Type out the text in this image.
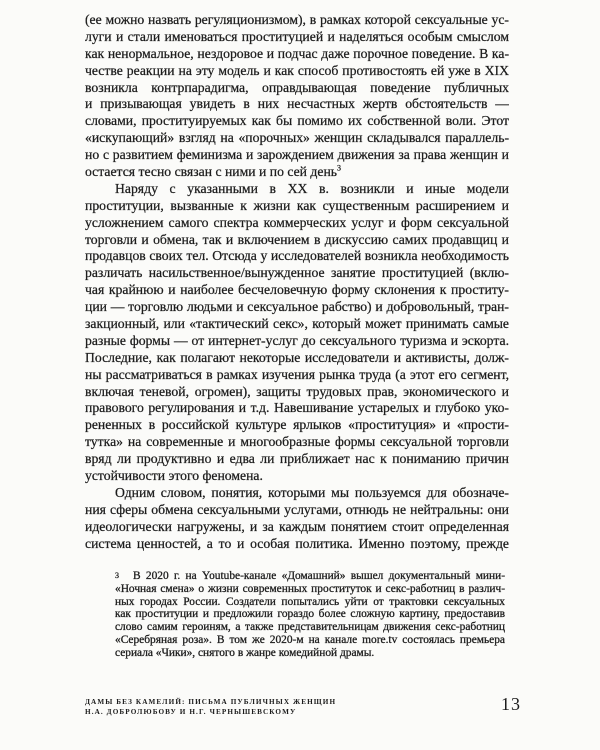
(ее можно назвать регуляционизмом), в рамках которой сексуальные ус-
луги и стали именоваться проституцией и наделяться особым смыслом
как ненормальное, нездоровое и подчас даже порочное поведение. В ка-
честве реакции на эту модель и как способ противостоять ей уже в XIX
возникла контрпарадигма, оправдывающая поведение публичных
и призывающая увидеть в них несчастных жертв обстоятельств —
словами, проституируемых как бы помимо их собственной воли. Этот
«искупающий» взгляд на «порочных» женщин складывался параллель-
но с развитием феминизма и зарождением движения за права женщин и
остается тесно связан с ними и по сей день$^3$
Наряду с указанными в XX в. возникли и иные модели
проституции, вызванные к жизни как существенным расширением и
усложнением самого спектра коммерческих услуг и форм сексуальной
торговли и обмена, так и включением в дискуссию самих продавщиц и
продавцов своих тел. Отсюда у исследователей возникла необходимость
различать насильственное/вынужденное занятие проституцией (вклю-
чая крайнюю и наиболее бесчеловечную форму склонения к проститу-
ции — торговлю людьми и сексуальное рабство) и добровольный, тран-
закционный, или «тактический секс», который может принимать самые
разные формы — от интернет-услуг до сексуального туризма и эскорта.
Последние, как полагают некоторые исследователи и активисты, долж-
ны рассматриваться в рамках изучения рынка труда (а этот его сегмент,
включая теневой, огромен), защиты трудовых прав, экономического и
правового регулирования и т.д. Навешивание устарелых и глубоко уко-
рененных в российской культуре ярлыков «проституция» и «прости-
тутка» на современные и многообразные формы сексуальной торговли
вряд ли продуктивно и едва ли приближает нас к пониманию причин
устойчивости этого феномена.
Одним словом, понятия, которыми мы пользуемся для обозначе-
ния сферы обмена сексуальными услугами, отнюдь не нейтральны: они
идеологически нагружены, и за каждым понятием стоит определенная
система ценностей, а то и особая политика. Именно поэтому, прежде
3 В 2020 г. на Youtube-канале «Домашний» вышел документальный мини-
«Ночная смена» о жизни современных проституток и секс-работниц в различ-
ных городах России. Создатели попытались уйти от трактовки сексуальных
как проституции и предложили гораздо более сложную картину, предоставив
слово самим героиням, а также представительницам движения секс-работниц
«Серебряная роза». В том же 2020-м на канале more.tv состоялась премьера
сериала «Чики», снятого в жанре комедийной драмы.
ДАМЫ БЕЗ КАМЕЛИЙ: ПИСЬМА ПУБЛИЧНЫХ ЖЕНЩИН
Н.А. ДОБРОЛЮБОВУ И Н.Г. ЧЕРНЫШЕВСКОМУ	13
